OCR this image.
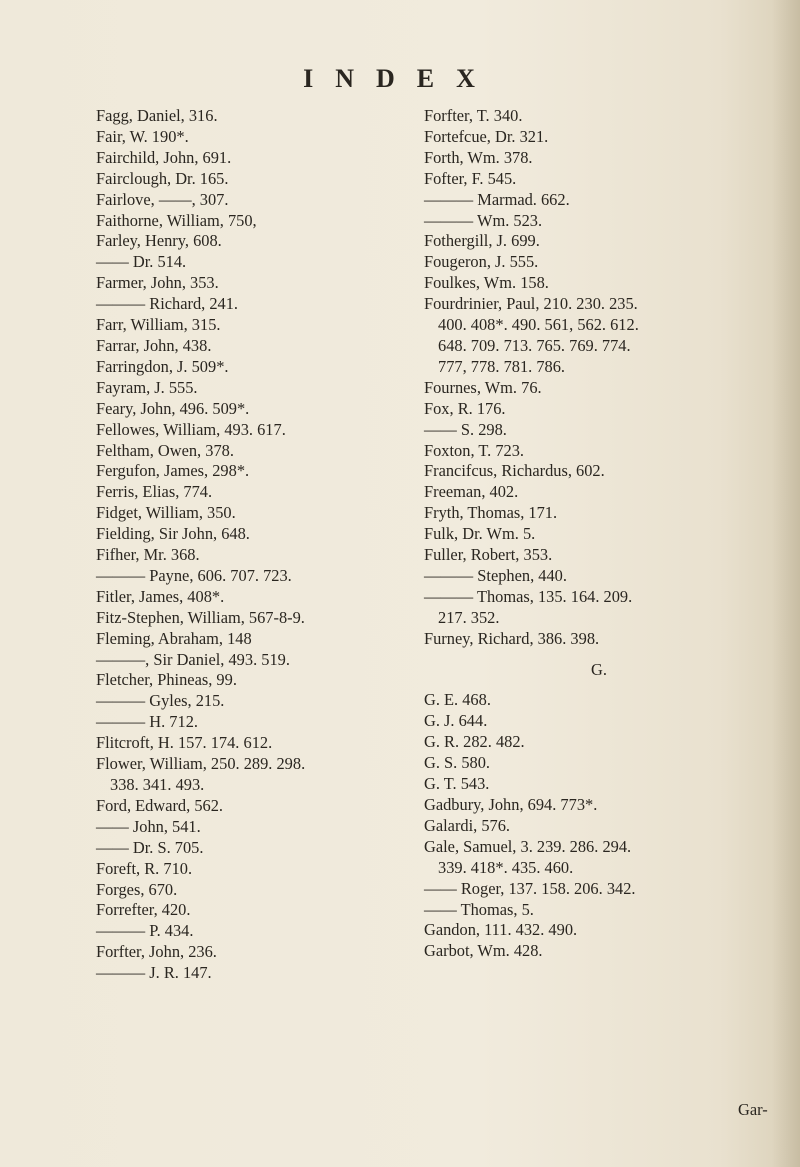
INDEX
Fagg, Daniel, 316.
Fair, W. 190*.
Fairchild, John, 691.
Fairclough, Dr. 165.
Fairlove, ——, 307.
Faithorne, William, 750,
Farley, Henry, 608.
—— Dr. 514.
Farmer, John, 353.
——— Richard, 241.
Farr, William, 315.
Farrar, John, 438.
Farringdon, J. 509*.
Fayram, J. 555.
Feary, John, 496. 509*.
Fellowes, William, 493. 617.
Feltham, Owen, 378.
Fergufon, James, 298*.
Ferris, Elias, 774.
Fidget, William, 350.
Fielding, Sir John, 648.
Fifher, Mr. 368.
——— Payne, 606. 707. 723.
Fitler, James, 408*.
Fitz-Stephen, William, 567-8-9.
Fleming, Abraham, 148
———, Sir Daniel, 493. 519.
Fletcher, Phineas, 99.
——— Gyles, 215.
——— H. 712.
Flitcroft, H. 157. 174. 612.
Flower, William, 250. 289. 298.
338. 341. 493.
Ford, Edward, 562.
—— John, 541.
—— Dr. S. 705.
Foreft, R. 710.
Forges, 670.
Forrefter, 420.
——— P. 434.
Forfter, John, 236.
——— J. R. 147.
Forfter, T. 340.
Fortefcue, Dr. 321.
Forth, Wm. 378.
Fofter, F. 545.
——— Marmad. 662.
——— Wm. 523.
Fothergill, J. 699.
Fougeron, J. 555.
Foulkes, Wm. 158.
Fourdrinier, Paul, 210. 230. 235.
400. 408*. 490. 561, 562. 612.
648. 709. 713. 765. 769. 774.
777, 778. 781. 786.
Fournes, Wm. 76.
Fox, R. 176.
—— S. 298.
Foxton, T. 723.
Francifcus, Richardus, 602.
Freeman, 402.
Fryth, Thomas, 171.
Fulk, Dr. Wm. 5.
Fuller, Robert, 353.
——— Stephen, 440.
——— Thomas, 135. 164. 209.
217. 352.
Furney, Richard, 386. 398.
G.
G. E. 468.
G. J. 644.
G. R. 282. 482.
G. S. 580.
G. T. 543.
Gadbury, John, 694. 773*.
Galardi, 576.
Gale, Samuel, 3. 239. 286. 294.
339. 418*. 435. 460.
—— Roger, 137. 158. 206. 342.
—— Thomas, 5.
Gandon, 111. 432. 490.
Garbot, Wm. 428.
Gar-
